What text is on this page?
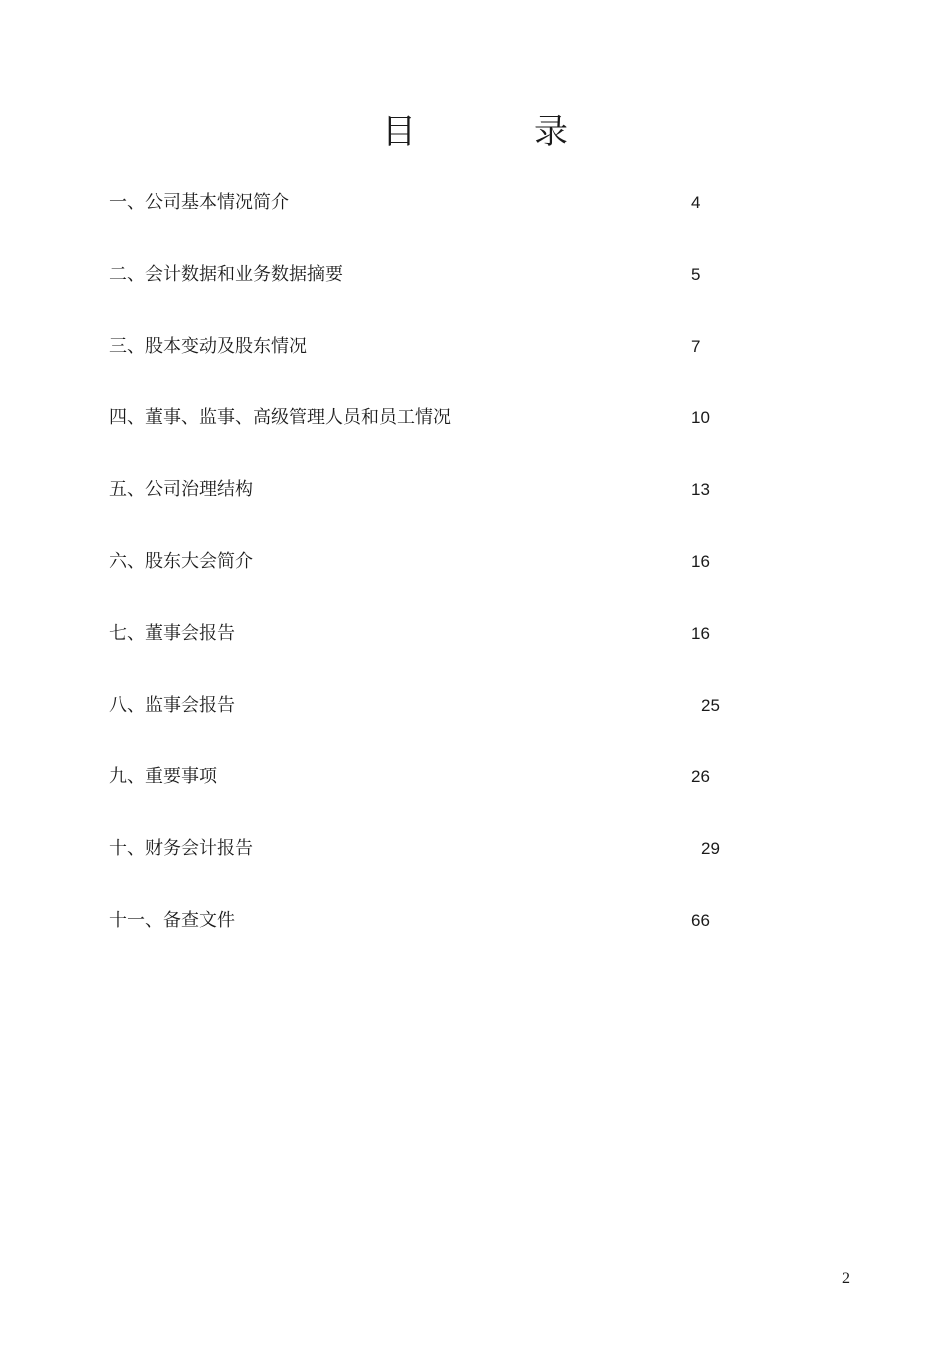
目	录
一、公司基本情况简介	4
二、会计数据和业务数据摘要	5
三、股本变动及股东情况	7
四、董事、监事、高级管理人员和员工情况	10
五、公司治理结构	13
六、股东大会简介	16
七、董事会报告	16
八、监事会报告	25
九、重要事项	26
十、财务会计报告	29
十一、备查文件	66
2
